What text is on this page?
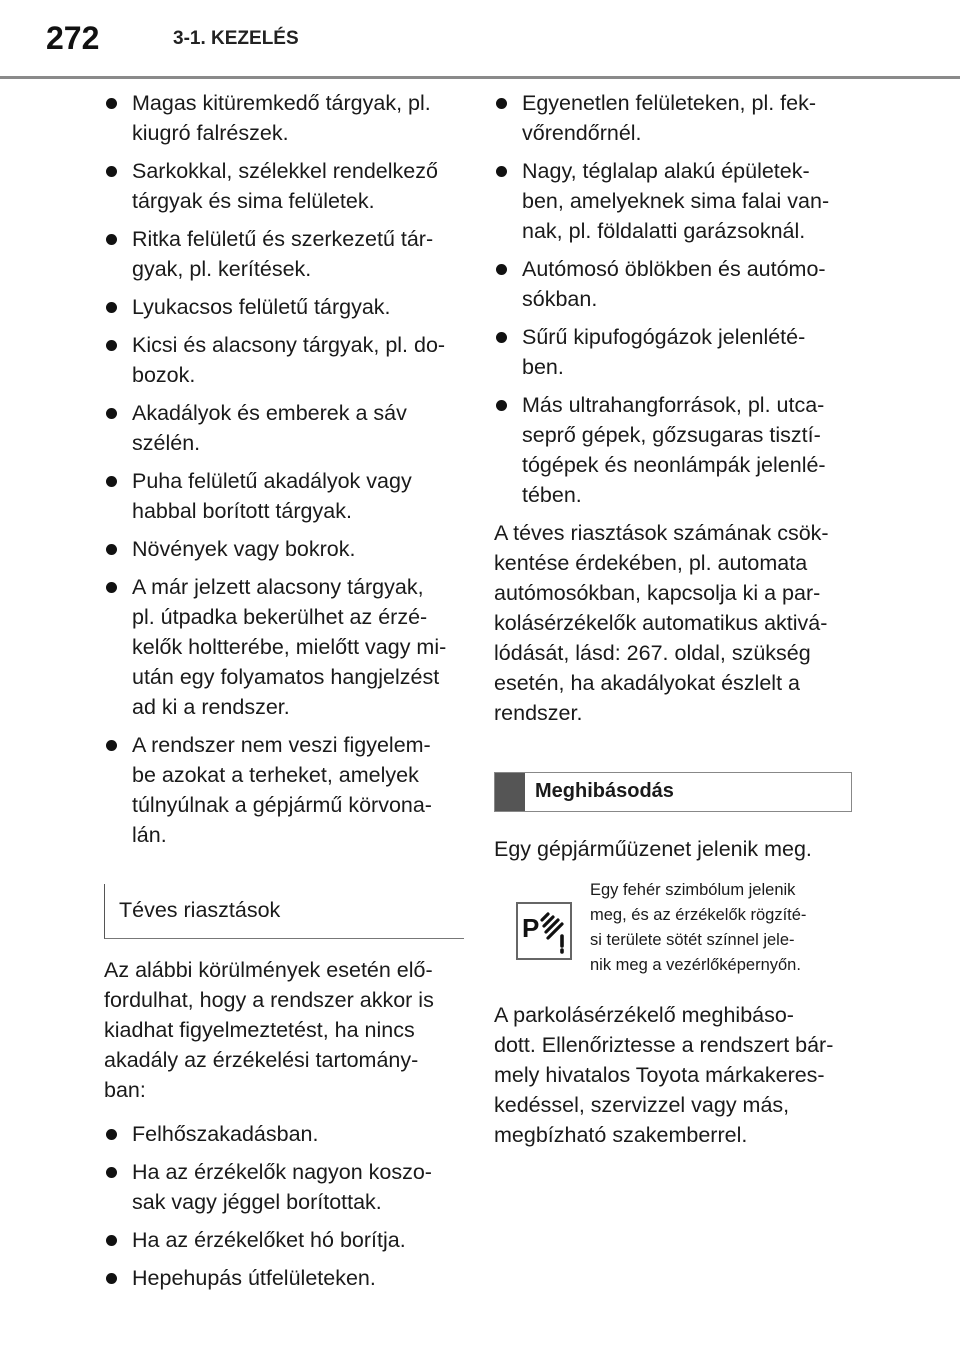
272	3-1. KEZELÉS
Magas kitüremkedő tárgyak, pl.
kiugró falrészek.
Sarkokkal, szélekkel rendelkező
tárgyak és sima felületek.
Ritka felületű és szerkezetű tár-
gyak, pl. kerítések.
Lyukacsos felületű tárgyak.
Kicsi és alacsony tárgyak, pl. do-
bozok.
Akadályok és emberek a sáv
szélén.
Puha felületű akadályok vagy
habbal borított tárgyak.
Növények vagy bokrok.
A már jelzett alacsony tárgyak,
pl. útpadka bekerülhet az érzé-
kelők holtterébe, mielőtt vagy mi-
után egy folyamatos hangjelzést
ad ki a rendszer.
A rendszer nem veszi figyelem-
be azokat a terheket, amelyek
túlnyúlnak a gépjármű körvona-
lán.
Téves riasztások

Az alábbi körülmények esetén elő-
fordulhat, hogy a rendszer akkor is
kiadhat figyelmeztetést, ha nincs
akadály az érzékelési tartomány-
ban:

Felhőszakadásban.
Ha az érzékelők nagyon koszo-
sak vagy jéggel borítottak.
Ha az érzékelőket hó borítja.
Hepehupás útfelületeken.
Egyenetlen felületeken, pl. fek-
vőrendőrnél.
Nagy, téglalap alakú épületek-
ben, amelyeknek sima falai van-
nak, pl. földalatti garázsoknál.
Autómosó öblökben és autómo-
sókban.
Sűrű kipufogógázok jelenlété-
ben.
Más ultrahangforrások, pl. utca-
seprő gépek, gőzsugaras tisztí-
tógépek és neonlámpák jelenlé-
tében.

A téves riasztások számának csök-
kentése érdekében, pl. automata
autómosókban, kapcsolja ki a par-
kolásérzékelők automatikus aktivá-
lódását, lásd: 267. oldal, szükség
esetén, ha akadályokat észlelt a
rendszer.

Meghibásodás

Egy gépjárműüzenet jelenik meg.

P
Egy fehér szimbólum jelenik
meg, és az érzékelők rögzíté-
si területe sötét színnel jele-
nik meg a vezérlőképernyőn.

A parkolásérzékelő meghibáso-
dott. Ellenőriztesse a rendszert bár-
mely hivatalos Toyota márkakeres-
kedéssel, szervizzel vagy más,
megbízható szakemberrel.
